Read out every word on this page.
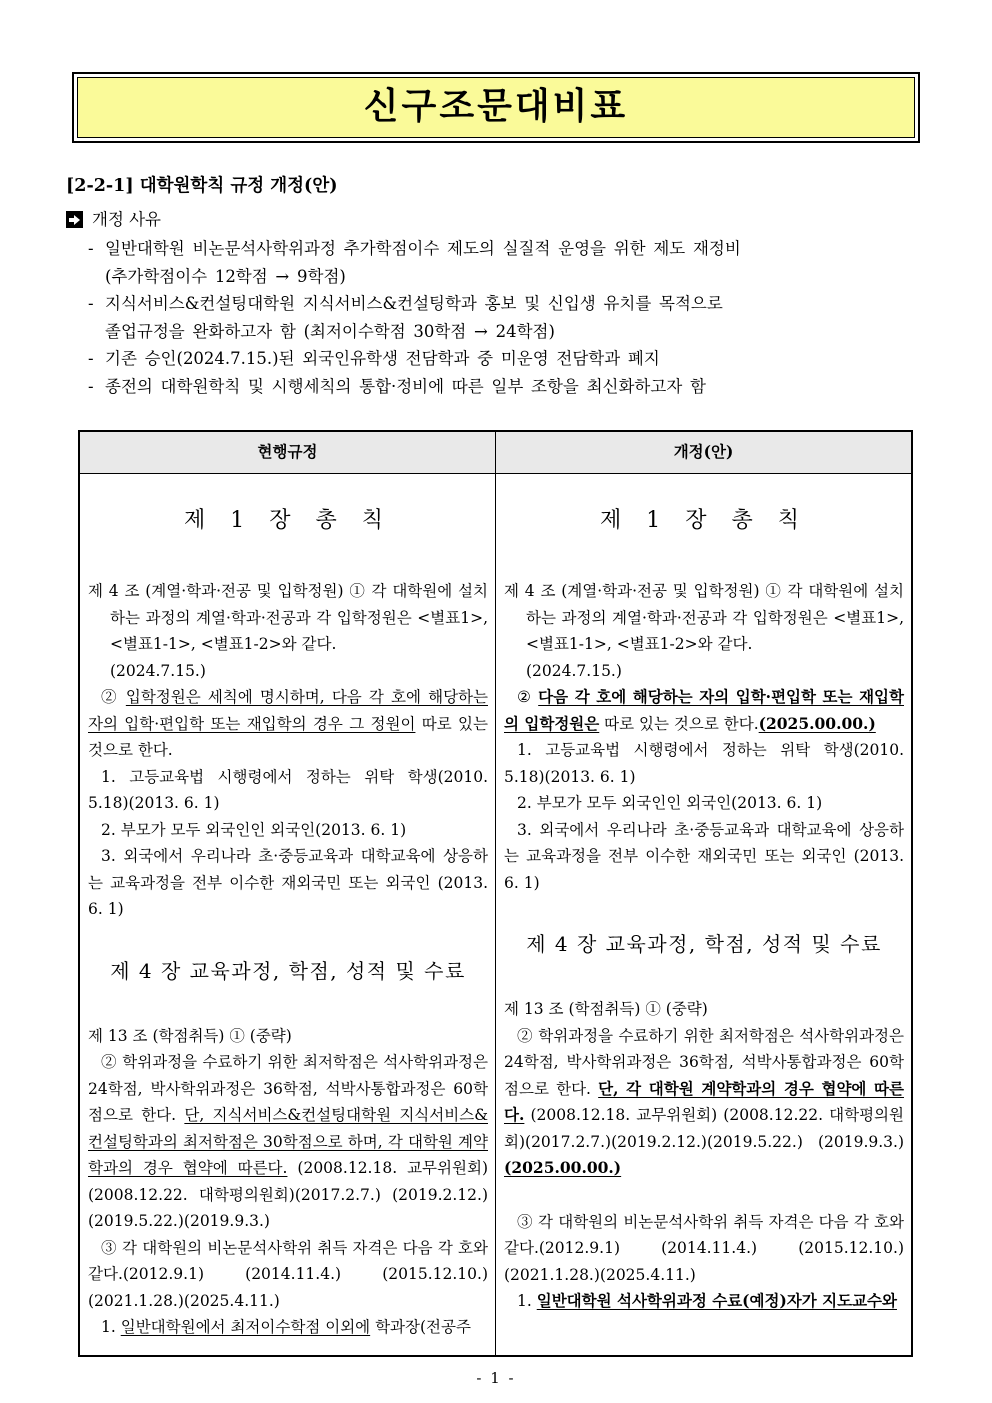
신구조문대비표
[2-2-1] 대학원학칙 규정 개정(안)
개정 사유
- 일반대학원 비논문석사학위과정 추가학점이수 제도의 실질적 운영을 위한 제도 재정비
(추가학점이수 12학점 → 9학점)
- 지식서비스&컨설팅대학원 지식서비스&컨설팅학과 홍보 및 신입생 유치를 목적으로
졸업규정을 완화하고자 함 (최저이수학점 30학점 → 24학점)
- 기존 승인(2024.7.15.)된 외국인유학생 전담학과 중 미운영 전담학과 폐지
- 종전의 대학원학칙 및 시행세칙의 통합·정비에 따른 일부 조항을 최신화하고자 함
현행규정	개정(안)
제 1 장 총 칙
제 4 조 (계열·학과·전공 및 입학정원) ① 각 대학원에 설치하는 과정의 계열·학과·전공과 각 입학정원은 <별표1>, <별표1-1>, <별표1-2>와 같다.
(2024.7.15.)
② 입학정원은 세칙에 명시하며, 다음 각 호에 해당하는 자의 입학·편입학 또는 재입학의 경우 그 정원이 따로 있는 것으로 한다.
1. 고등교육법 시행령에서 정하는 위탁 학생(2010. 5.18)(2013. 6. 1)
2. 부모가 모두 외국인인 외국인(2013. 6. 1)
3. 외국에서 우리나라 초·중등교육과 대학교육에 상응하는 교육과정을 전부 이수한 재외국민 또는 외국인 (2013. 6. 1)
제 4 장 교육과정, 학점, 성적 및 수료
제 13 조 (학점취득) ① (중략)
② 학위과정을 수료하기 위한 최저학점은 석사학위과정은 24학점, 박사학위과정은 36학점, 석박사통합과정은 60학점으로 한다. 단, 지식서비스&컨설팅대학원 지식서비스&컨설팅학과의 최저학점은 30학점으로 하며, 각 대학원 계약학과의 경우 협약에 따른다. (2008.12.18. 교무위원회)(2008.12.22. 대학평의원회)(2017.2.7.) (2019.2.12.)(2019.5.22.)(2019.9.3.)
③ 각 대학원의 비논문석사학위 취득 자격은 다음 각 호와 같다.(2012.9.1) (2014.11.4.) (2015.12.10.) (2021.1.28.)(2025.4.11.)
1. 일반대학원에서 최저이수학점 이외에 학과장(전공주
제 1 장 총 칙
제 4 조 (계열·학과·전공 및 입학정원) ① 각 대학원에 설치하는 과정의 계열·학과·전공과 각 입학정원은 <별표1>, <별표1-1>, <별표1-2>와 같다.
(2024.7.15.)
② 다음 각 호에 해당하는 자의 입학·편입학 또는 재입학의 입학정원은 따로 있는 것으로 한다.(2025.00.00.)
1. 고등교육법 시행령에서 정하는 위탁 학생(2010. 5.18)(2013. 6. 1)
2. 부모가 모두 외국인인 외국인(2013. 6. 1)
3. 외국에서 우리나라 초·중등교육과 대학교육에 상응하는 교육과정을 전부 이수한 재외국민 또는 외국인 (2013. 6. 1)
제 4 장 교육과정, 학점, 성적 및 수료
제 13 조 (학점취득) ① (중략)
② 학위과정을 수료하기 위한 최저학점은 석사학위과정은 24학점, 박사학위과정은 36학점, 석박사통합과정은 60학점으로 한다. 단, 각 대학원 계약학과의 경우 협약에 따른다. (2008.12.18. 교무위원회) (2008.12.22. 대학평의원회)(2017.2.7.)(2019.2.12.)(2019.5.22.) (2019.9.3.)(2025.00.00.)
③ 각 대학원의 비논문석사학위 취득 자격은 다음 각 호와 같다.(2012.9.1) (2014.11.4.) (2015.12.10.) (2021.1.28.)(2025.4.11.)
1. 일반대학원 석사학위과정 수료(예정)자가 지도교수와
- 1 -
